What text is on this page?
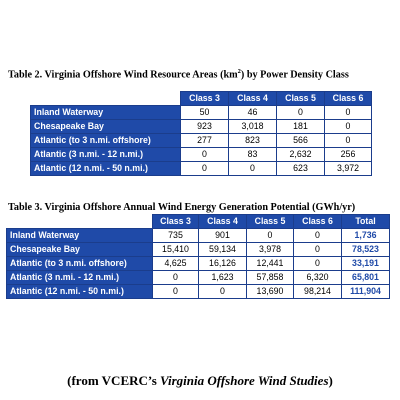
Table 2. Virginia Offshore Wind Resource Areas $(km^2)$ by Power Density Class
	Class 3	Class 4	Class 5	Class 6
Inland Waterway	50	46	0	0
Chesapeake Bay	923	3,018	181	0
Atlantic (to 3 n.mi. offshore)	277	823	566	0
Atlantic (3 n.mi. - 12 n.mi.)	0	83	2,632	256
Atlantic (12 n.mi. - 50 n.mi.)	0	0	623	3,972
Table 3. Virginia Offshore Annual Wind Energy Generation Potential (GWh/yr)
	Class 3	Class 4	Class 5	Class 6	Total
Inland Waterway	735	901	0	0	1,736
Chesapeake Bay	15,410	59,134	3,978	0	78,523
Atlantic (to 3 n.mi. offshore)	4,625	16,126	12,441	0	33,191
Atlantic (3 n.mi. - 12 n.mi.)	0	1,623	57,858	6,320	65,801
Atlantic (12 n.mi. - 50 n.mi.)	0	0	13,690	98,214	111,904
(from VCERC’s Virginia Offshore Wind Studies)
